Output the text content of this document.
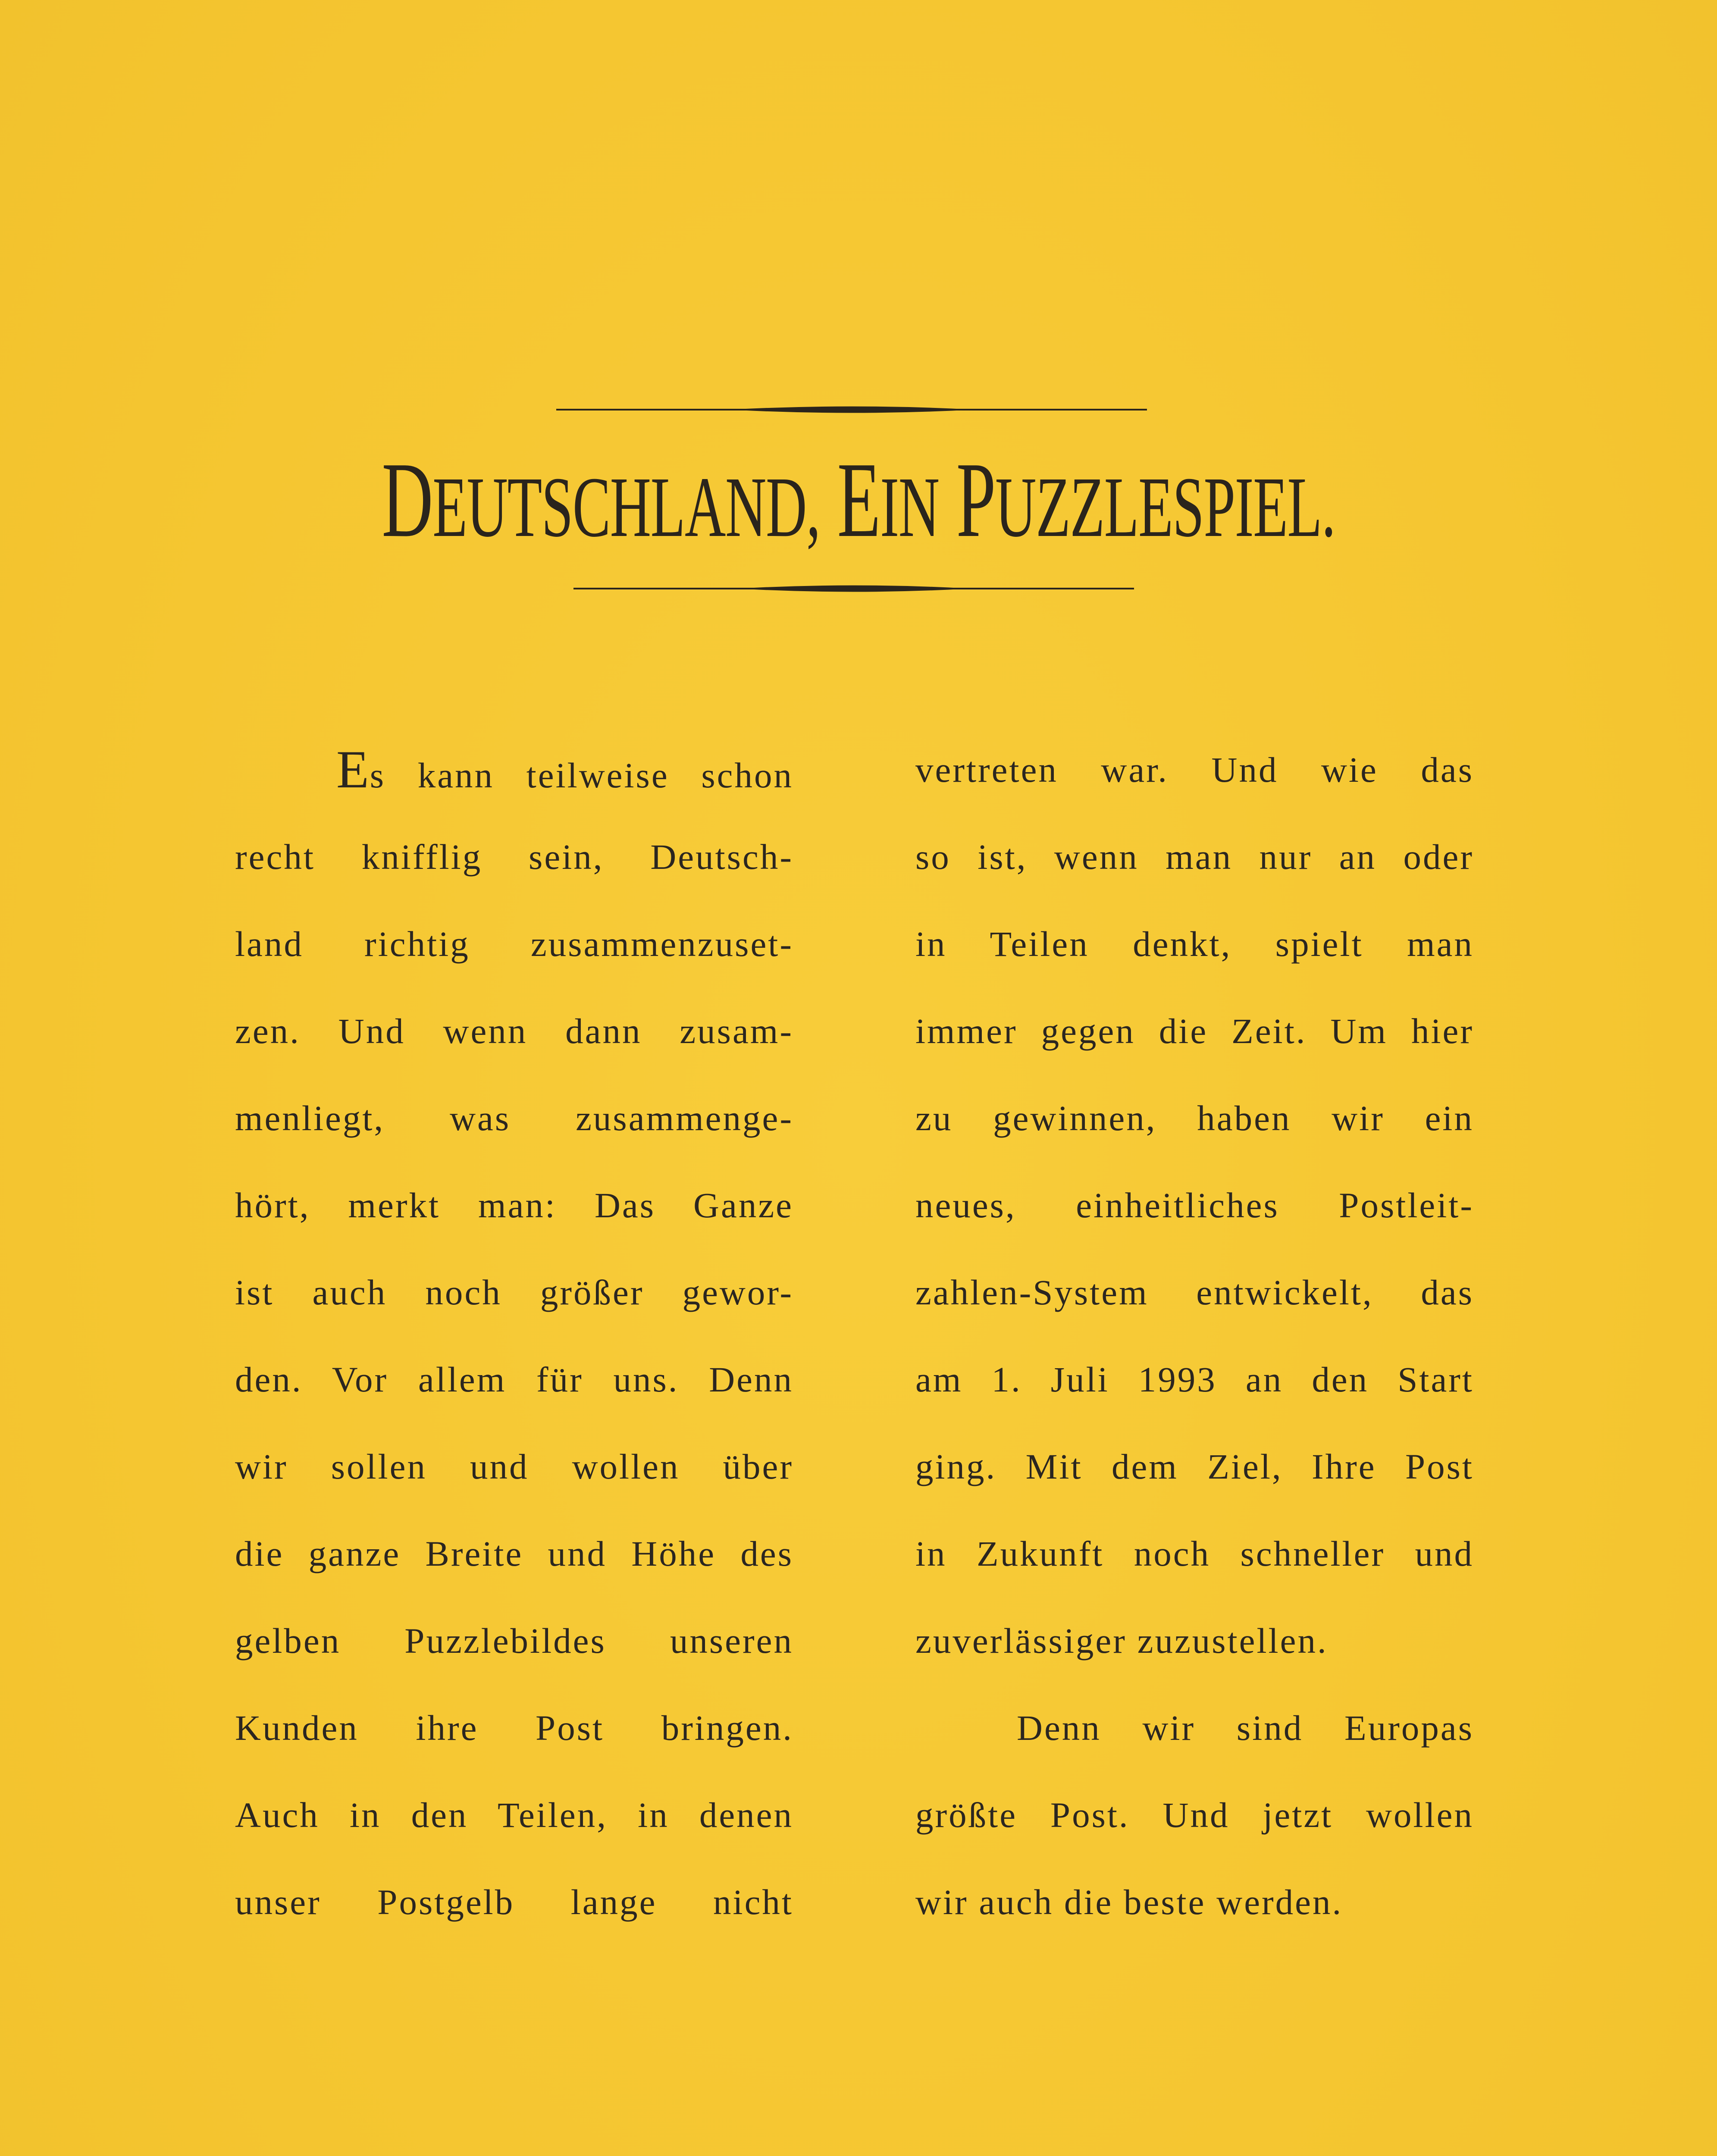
DEUTSCHLAND, EIN PUZZLESPIEL.
Es kann teilweise schon
recht knifflig sein, Deutsch-
land richtig zusammenzuset-
zen. Und wenn dann zusam-
menliegt, was zusammenge-
hört, merkt man: Das Ganze
ist auch noch größer gewor-
den. Vor allem für uns. Denn
wir sollen und wollen über
die ganze Breite und Höhe des
gelben Puzzlebildes unseren
Kunden ihre Post bringen.
Auch in den Teilen, in denen
unser Postgelb lange nicht
vertreten war. Und wie das
so ist, wenn man nur an oder
in Teilen denkt, spielt man
immer gegen die Zeit. Um hier
zu gewinnen, haben wir ein
neues, einheitliches Postleit-
zahlen-System entwickelt, das
am 1. Juli 1993 an den Start
ging. Mit dem Ziel, Ihre Post
in Zukunft noch schneller und
zuverlässiger zuzustellen.
Denn wir sind Europas
größte Post. Und jetzt wollen
wir auch die beste werden.
